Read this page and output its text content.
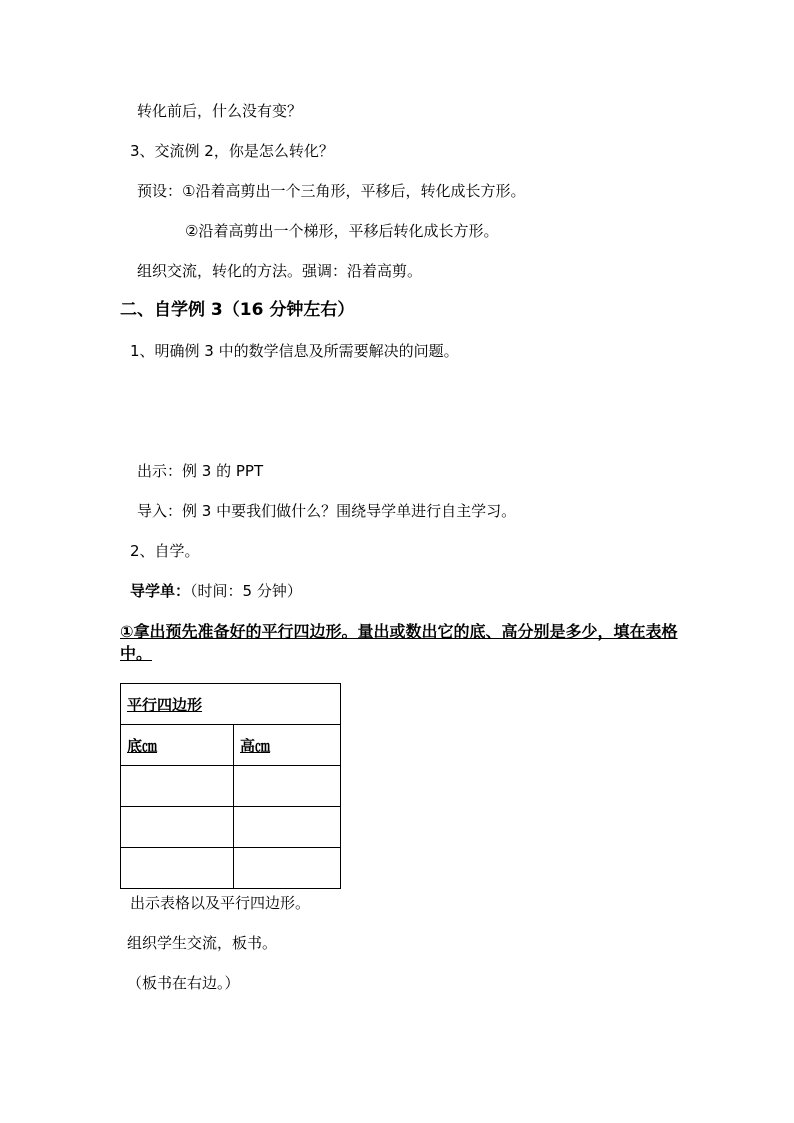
转化前后，什么没有变？
3、交流例 2，你是怎么转化？
预设：①沿着高剪出一个三角形，平移后，转化成长方形。
②沿着高剪出一个梯形，平移后转化成长方形。
组织交流，转化的方法。强调：沿着高剪。
二、自学例 3（16 分钟左右）
1、明确例 3 中的数学信息及所需要解决的问题。
出示：例 3 的 PPT
导入：例 3 中要我们做什么？围绕导学单进行自主学习。
2、自学。
导学单：（时间：5 分钟）
①拿出预先准备好的平行四边形。量出或数出它的底、高分别是多少，填在表格中。
平行四边形	
底㎝	高㎝

出示表格以及平行四边形。
组织学生交流，板书。
（板书在右边。）
